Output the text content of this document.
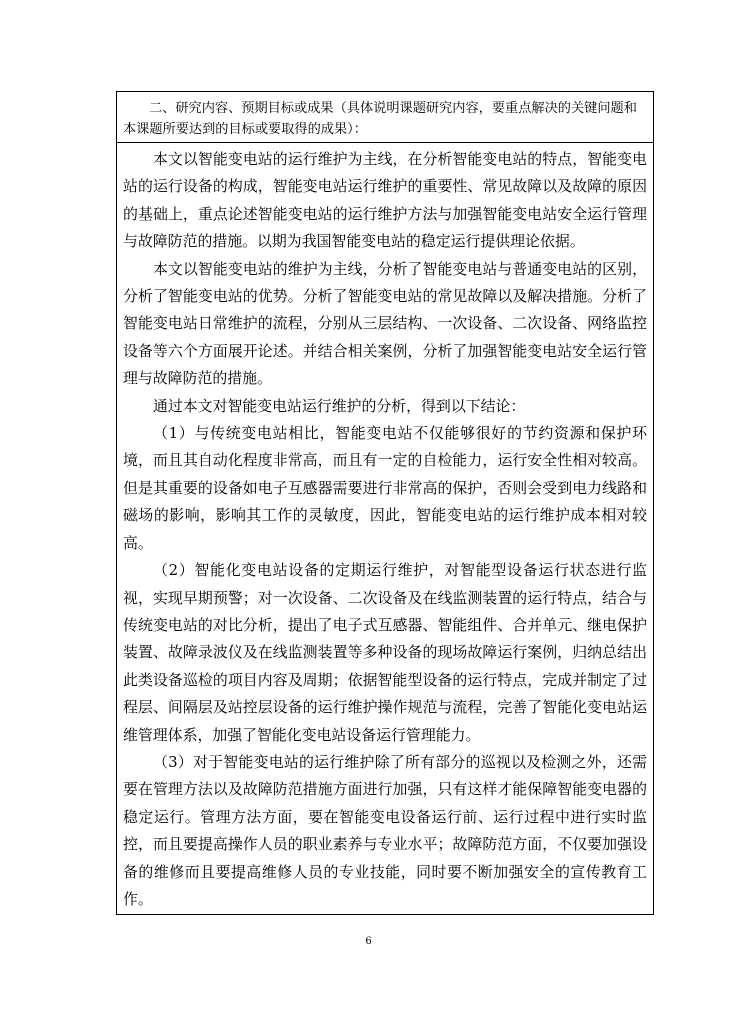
二、研究内容、预期目标或成果（具体说明课题研究内容，要重点解决的关键问题和本课题所要达到的目标或要取得的成果）：

本文以智能变电站的运行维护为主线，在分析智能变电站的特点，智能变电站的运行设备的构成，智能变电站运行维护的重要性、常见故障以及故障的原因的基础上，重点论述智能变电站的运行维护方法与加强智能变电站安全运行管理与故障防范的措施。以期为我国智能变电站的稳定运行提供理论依据。

本文以智能变电站的维护为主线，分析了智能变电站与普通变电站的区别，分析了智能变电站的优势。分析了智能变电站的常见故障以及解决措施。分析了智能变电站日常维护的流程，分别从三层结构、一次设备、二次设备、网络监控设备等六个方面展开论述。并结合相关案例，分析了加强智能变电站安全运行管理与故障防范的措施。

通过本文对智能变电站运行维护的分析，得到以下结论：

（1）与传统变电站相比，智能变电站不仅能够很好的节约资源和保护环境，而且其自动化程度非常高，而且有一定的自检能力，运行安全性相对较高。但是其重要的设备如电子互感器需要进行非常高的保护，否则会受到电力线路和磁场的影响，影响其工作的灵敏度，因此，智能变电站的运行维护成本相对较高。

（2）智能化变电站设备的定期运行维护，对智能型设备运行状态进行监视，实现早期预警；对一次设备、二次设备及在线监测装置的运行特点，结合与传统变电站的对比分析，提出了电子式互感器、智能组件、合并单元、继电保护装置、故障录波仪及在线监测装置等多种设备的现场故障运行案例，归纳总结出此类设备巡检的项目内容及周期；依据智能型设备的运行特点，完成并制定了过程层、间隔层及站控层设备的运行维护操作规范与流程，完善了智能化变电站运维管理体系，加强了智能化变电站设备运行管理能力。

（3）对于智能变电站的运行维护除了所有部分的巡视以及检测之外，还需要在管理方法以及故障防范措施方面进行加强，只有这样才能保障智能变电器的稳定运行。管理方法方面，要在智能变电设备运行前、运行过程中进行实时监控，而且要提高操作人员的职业素养与专业水平；故障防范方面，不仅要加强设备的维修而且要提高维修人员的专业技能，同时要不断加强安全的宣传教育工作。

6
